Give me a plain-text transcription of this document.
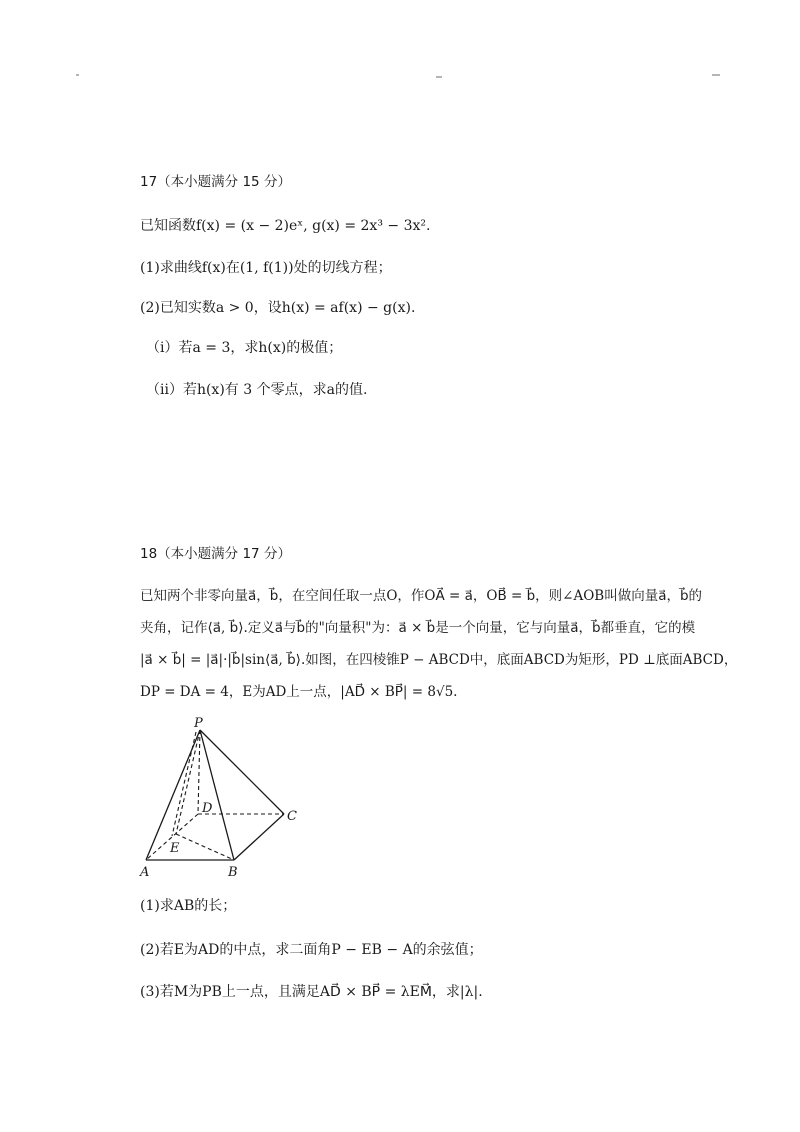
17（本小题满分 15 分）
已知函数f(x) = (x − 2)eˣ, g(x) = 2x³ − 3x².
(1)求曲线f(x)在(1, f(1))处的切线方程；
(2)已知实数a > 0，设h(x) = af(x) − g(x).
（i）若a = 3，求h(x)的极值；
（ii）若h(x)有 3 个零点，求a的值.
18（本小题满分 17 分）
已知两个非零向量a⃗，b⃗，在空间任取一点O，作OA⃗ = a⃗，OB⃗ = b⃗，则∠AOB叫做向量a⃗，b⃗的
夹角，记作⟨a⃗, b⃗⟩.定义a⃗与b⃗的"向量积"为：a⃗ × b⃗是一个向量，它与向量a⃗，b⃗都垂直，它的模
|a⃗ × b⃗| = |a⃗|·|b⃗|sin⟨a⃗, b⃗⟩.如图，在四棱锥P − ABCD中，底面ABCD为矩形，PD ⊥底面ABCD，
DP = DA = 4，E为AD上一点，|AD⃗ × BP⃗| = 8√5.
P
D
C
E
A	B
(1)求AB的长；
(2)若E为AD的中点，求二面角P − EB − A的余弦值；
(3)若M为PB上一点，且满足AD⃗ × BP⃗ = λEM⃗，求|λ|.
